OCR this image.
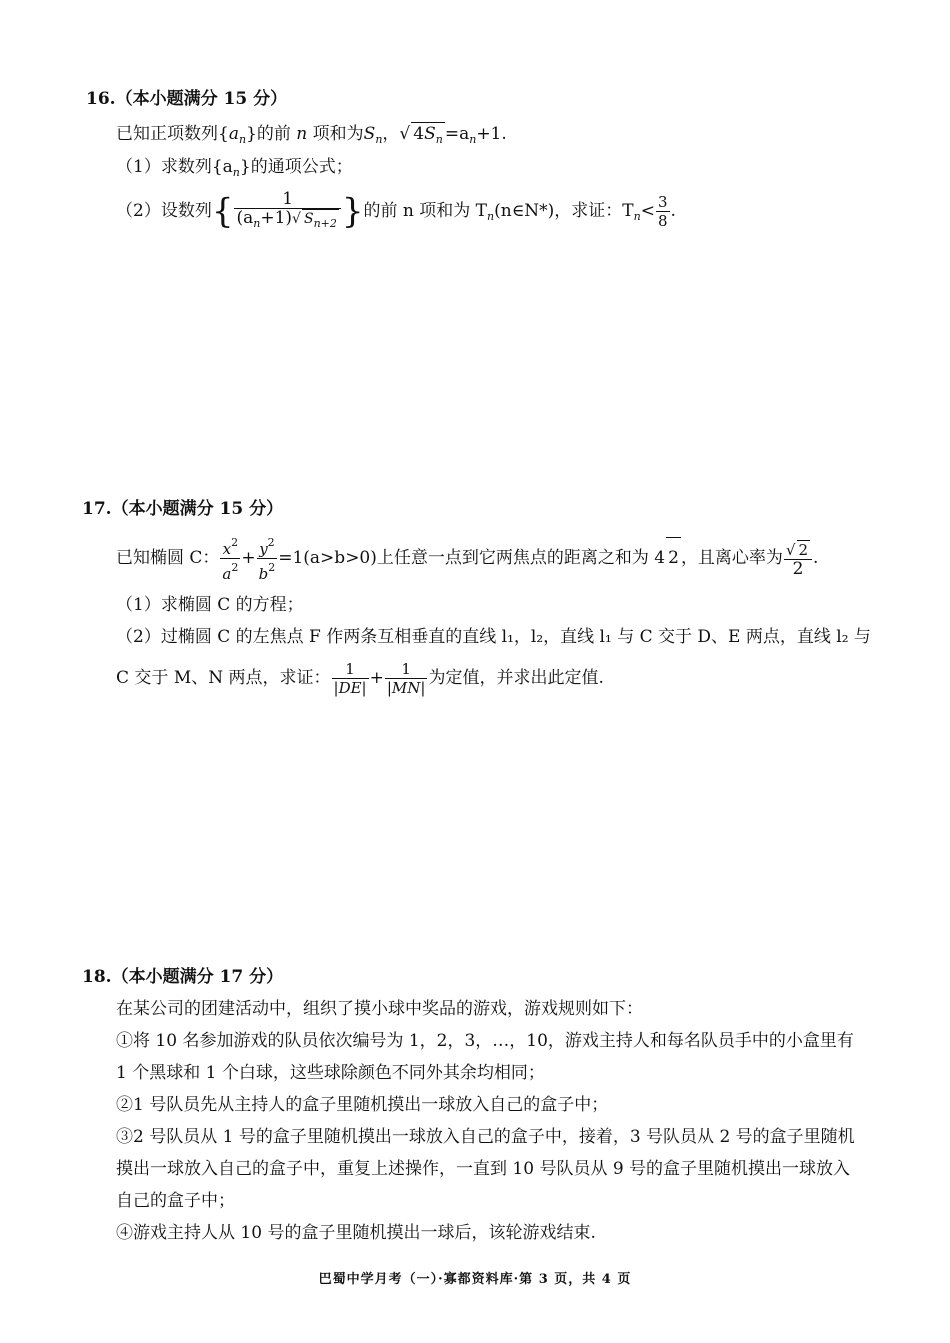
16.（本小题满分 15 分）
已知正项数列$\{a_n\}$的前 n 项和为$S_n$，√ $4S_n =a_n+1$.
（1）求数列$\{a_n\}$的通项公式；
（2）设数列{ $\frac{1}{(a_n+1)√ S_{n+2}}$ }的前 n 项和为 $T_n(n\in N*)$，求证：$T_n< \frac{3}{8}$ .
17.（本小题满分 15 分）
已知椭圆 C： $\frac{x^2}{a^2} + \frac{y^2}{b^2} =1(a>b>0)$上任意一点到它两焦点的距离之和为 4 2 ，且离心率为 $\frac{√ 2}{2}$ .
（1）求椭圆 C 的方程；
（2）过椭圆 C 的左焦点 F 作两条互相垂直的直线 l₁，l₂，直线 l₁ 与 C 交于 D、E 两点，直线 l₂ 与
C 交于 M、N 两点，求证： $\frac{1}{|DE|} + \frac{1}{|MN|}$ 为定值，并求出此定值.
18.（本小题满分 17 分）
在某公司的团建活动中，组织了摸小球中奖品的游戏，游戏规则如下：
①将 10 名参加游戏的队员依次编号为 1，2，3，…，10，游戏主持人和每名队员手中的小盒里有
1 个黑球和 1 个白球，这些球除颜色不同外其余均相同；
②1 号队员先从主持人的盒子里随机摸出一球放入自己的盒子中；
③2 号队员从 1 号的盒子里随机摸出一球放入自己的盒子中，接着，3 号队员从 2 号的盒子里随机
摸出一球放入自己的盒子中，重复上述操作，一直到 10 号队员从 9 号的盒子里随机摸出一球放入
自己的盒子中；
④游戏主持人从 10 号的盒子里随机摸出一球后，该轮游戏结束.
巴蜀中学月考（一）·寡都资料库·第 3 页，共 4 页
